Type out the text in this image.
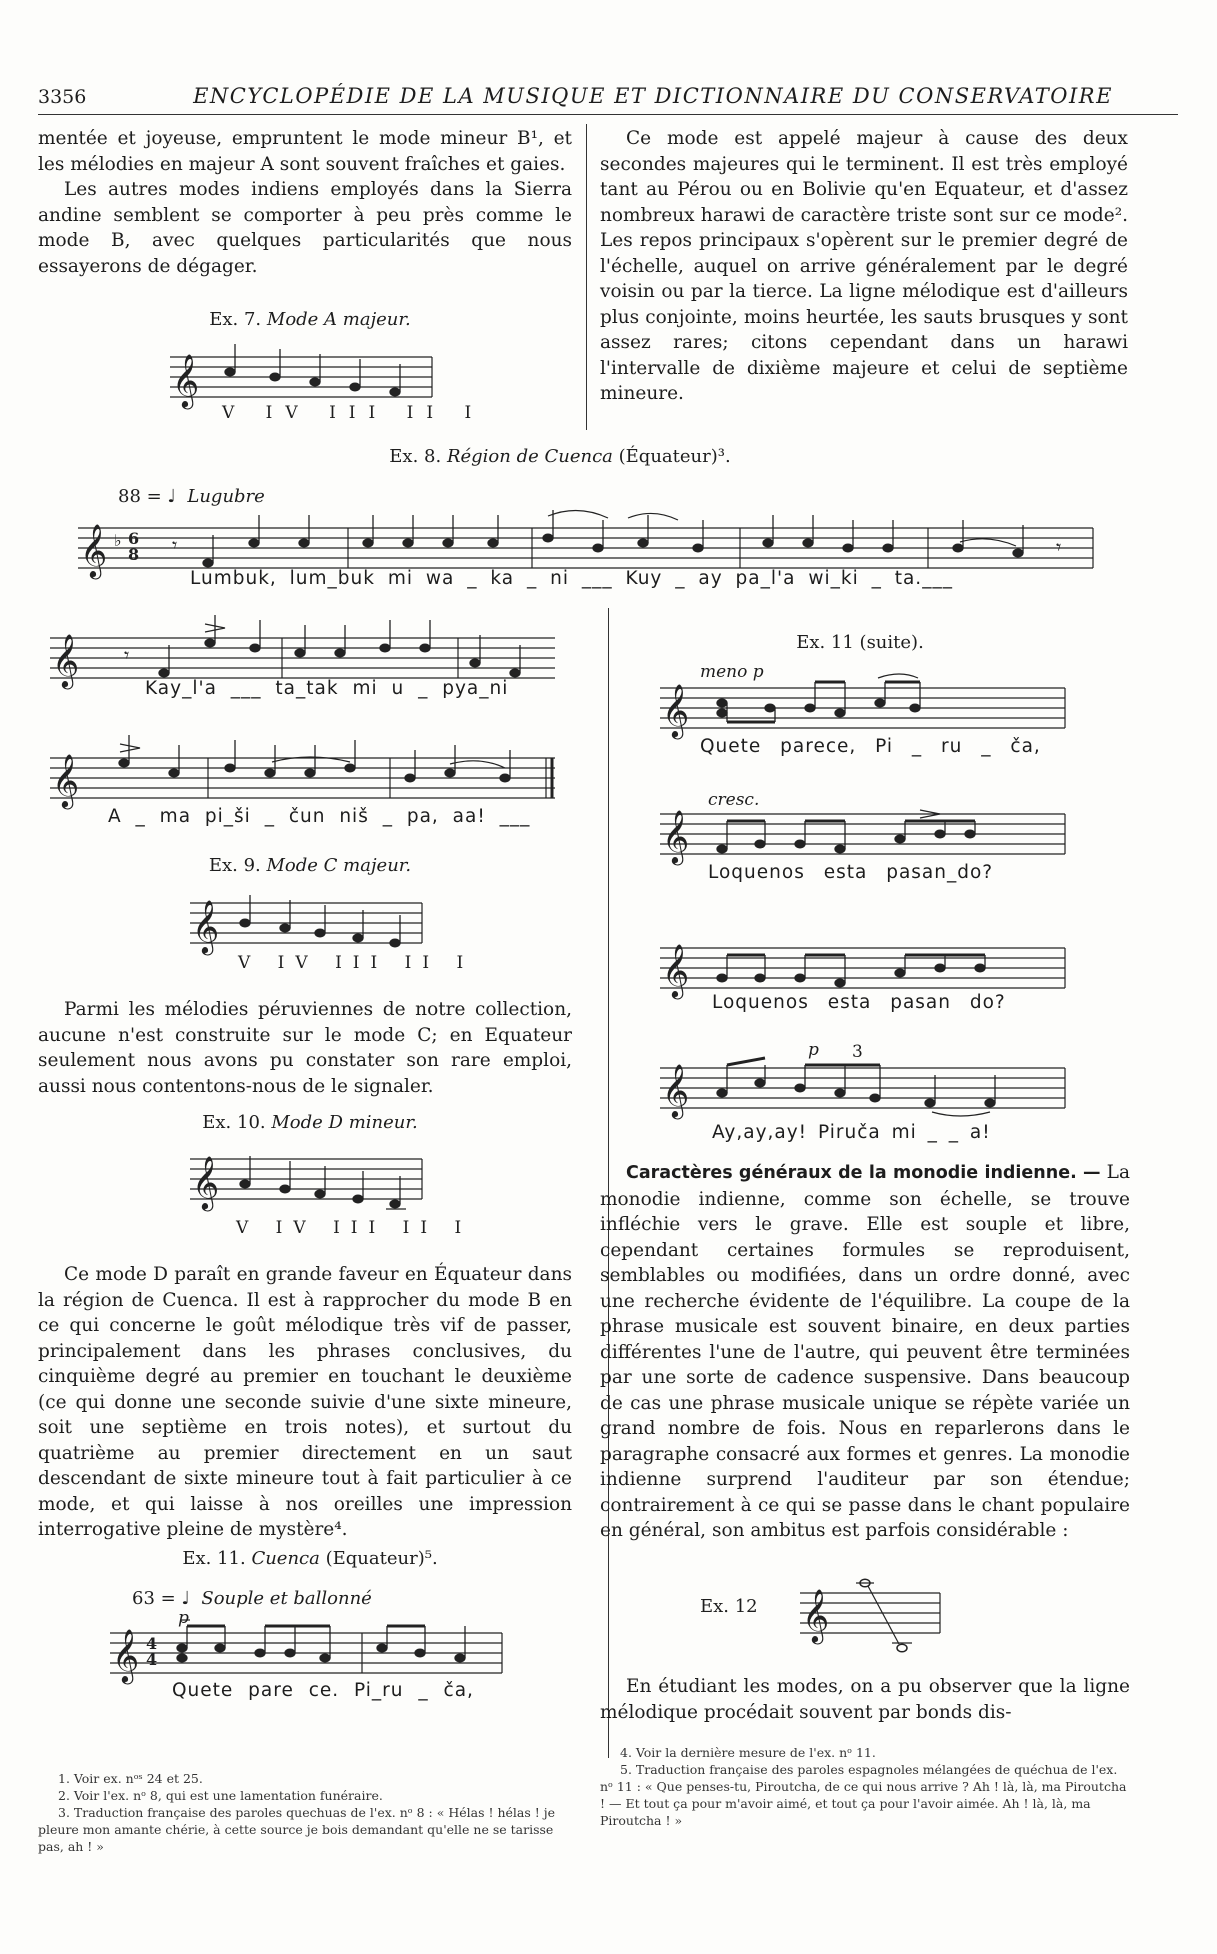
3356	ENCYCLOPÉDIE DE LA MUSIQUE ET DICTIONNAIRE DU CONSERVATOIRE

mentée et joyeuse, empruntent le mode mineur B¹, et les mélodies en majeur A sont souvent fraîches et gaies.

Les autres modes indiens employés dans la Sierra andine semblent se comporter à peu près comme le mode B, avec quelques particularités que nous essayerons de dégager.

Ex. 7. Mode A majeur.
𝄞
V IV III II I

Ce mode est appelé majeur à cause des deux secondes majeures qui le terminent. Il est très employé tant au Pérou ou en Bolivie qu'en Equateur, et d'assez nombreux harawi de caractère triste sont sur ce mode². Les repos principaux s'opèrent sur le premier degré de l'échelle, auquel on arrive généralement par le degré voisin ou par la tierce. La ligne mélodique est d'ailleurs plus conjointe, moins heurtée, les sauts brusques y sont assez rares; citons cependant dans un harawi l'intervalle de dixième majeure et celui de septième mineure.

Ex. 8. Région de Cuenca (Équateur)³.
88 = ♩ Lugubre
𝄞 ♭ 6
8 𝄾	𝄾
Lumbuk, lum_buk mi wa _ ka _ ni ___ Kuy _ ay pa_l'a wi_ki _ ta.___
𝄞 𝄾
Kay_l'a ___ ta_tak mi u _ pya_ni
𝄞
A _ ma pi_ši _ čun niš _ pa, aa! ___
Ex. 9. Mode C majeur.
𝄞
V IV III II I

Parmi les mélodies péruviennes de notre collection, aucune n'est construite sur le mode C; en Equateur seulement nous avons pu constater son rare emploi, aussi nous contentons-nous de le signaler.

Ex. 10. Mode D mineur.
𝄞
V IV III II I

Ce mode D paraît en grande faveur en Équateur dans la région de Cuenca. Il est à rapprocher du mode B en ce qui concerne le goût mélodique très vif de passer, principalement dans les phrases conclusives, du cinquième degré au premier en touchant le deuxième (ce qui donne une seconde suivie d'une sixte mineure, soit une septième en trois notes), et surtout du quatrième au premier directement en un saut descendant de sixte mineure tout à fait particulier à ce mode, et qui laisse à nos oreilles une impression interrogative pleine de mystère⁴.

Ex. 11. Cuenca (Equateur)⁵.
63 = ♩ Souple et ballonné
p
𝄞 4
4
Quete pare ce. Pi_ru _ ča,
Ex. 11 (suite).
meno p
𝄞
Quete parece, Pi _ ru _ ča,
cresc.
𝄞
Loquenos esta pasan_do?
𝄞
Loquenos esta pasan do?
p 3
𝄞
Ay,ay,ay! Piruča mi _ _ a!

Caractères généraux de la monodie indienne. — La monodie indienne, comme son échelle, se trouve infléchie vers le grave. Elle est souple et libre, cependant certaines formules se reproduisent, semblables ou modifiées, dans un ordre donné, avec une recherche évidente de l'équilibre. La coupe de la phrase musicale est souvent binaire, en deux parties différentes l'une de l'autre, qui peuvent être terminées par une sorte de cadence suspensive. Dans beaucoup de cas une phrase musicale unique se répète variée un grand nombre de fois. Nous en reparlerons dans le paragraphe consacré aux formes et genres. La monodie indienne surprend l'auditeur par son étendue; contrairement à ce qui se passe dans le chant populaire en général, son ambitus est parfois considérable :

Ex. 12 𝄞

En étudiant les modes, on a pu observer que la ligne mélodique procédait souvent par bonds dis-

1. Voir ex. nᵒˢ 24 et 25.
2. Voir l'ex. nᵒ 8, qui est une lamentation funéraire.
3. Traduction française des paroles quechuas de l'ex. nᵒ 8 : « Hélas ! hélas ! je pleure mon amante chérie, à cette source je bois demandant qu'elle ne se tarisse pas, ah ! »
4. Voir la dernière mesure de l'ex. nᵒ 11.
5. Traduction française des paroles espagnoles mélangées de quéchua de l'ex. nᵒ 11 : « Que penses-tu, Piroutcha, de ce qui nous arrive ? Ah ! là, là, ma Piroutcha ! — Et tout ça pour m'avoir aimé, et tout ça pour l'avoir aimée. Ah ! là, là, ma Piroutcha ! »
